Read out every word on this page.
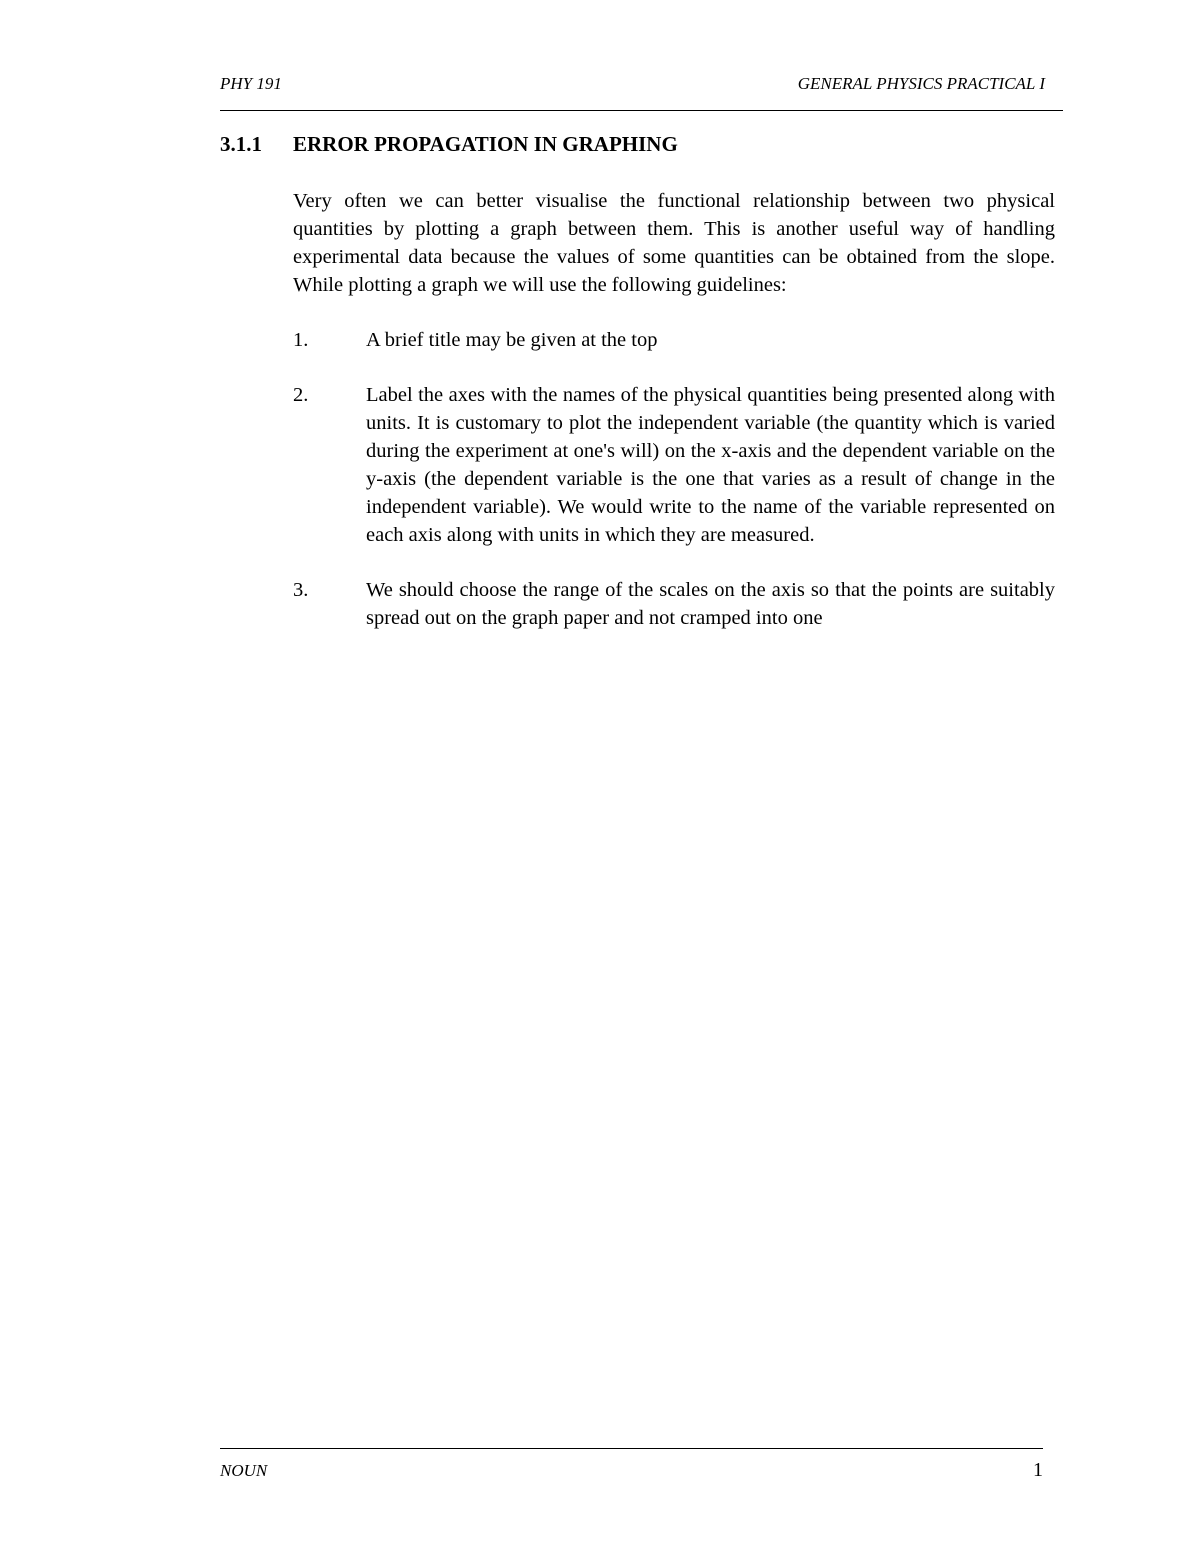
PHY 191	GENERAL PHYSICS PRACTICAL I
3.1.1 ERROR PROPAGATION IN GRAPHING

Very often we can better visualise the functional relationship between two physical quantities by plotting a graph between them. This is another useful way of handling experimental data because the values of some quantities can be obtained from the slope. While plotting a graph we will use the following guidelines:

1.	A brief title may be given at the top
2.	Label the axes with the names of the physical quantities being presented along with units. It is customary to plot the independent variable (the quantity which is varied during the experiment at one's will) on the x-axis and the dependent variable on the y-axis (the dependent variable is the one that varies as a result of change in the independent variable). We would write to the name of the variable represented on each axis along with units in which they are measured.
3.	We should choose the range of the scales on the axis so that the points are suitably spread out on the graph paper and not cramped into one
NOUN	1
